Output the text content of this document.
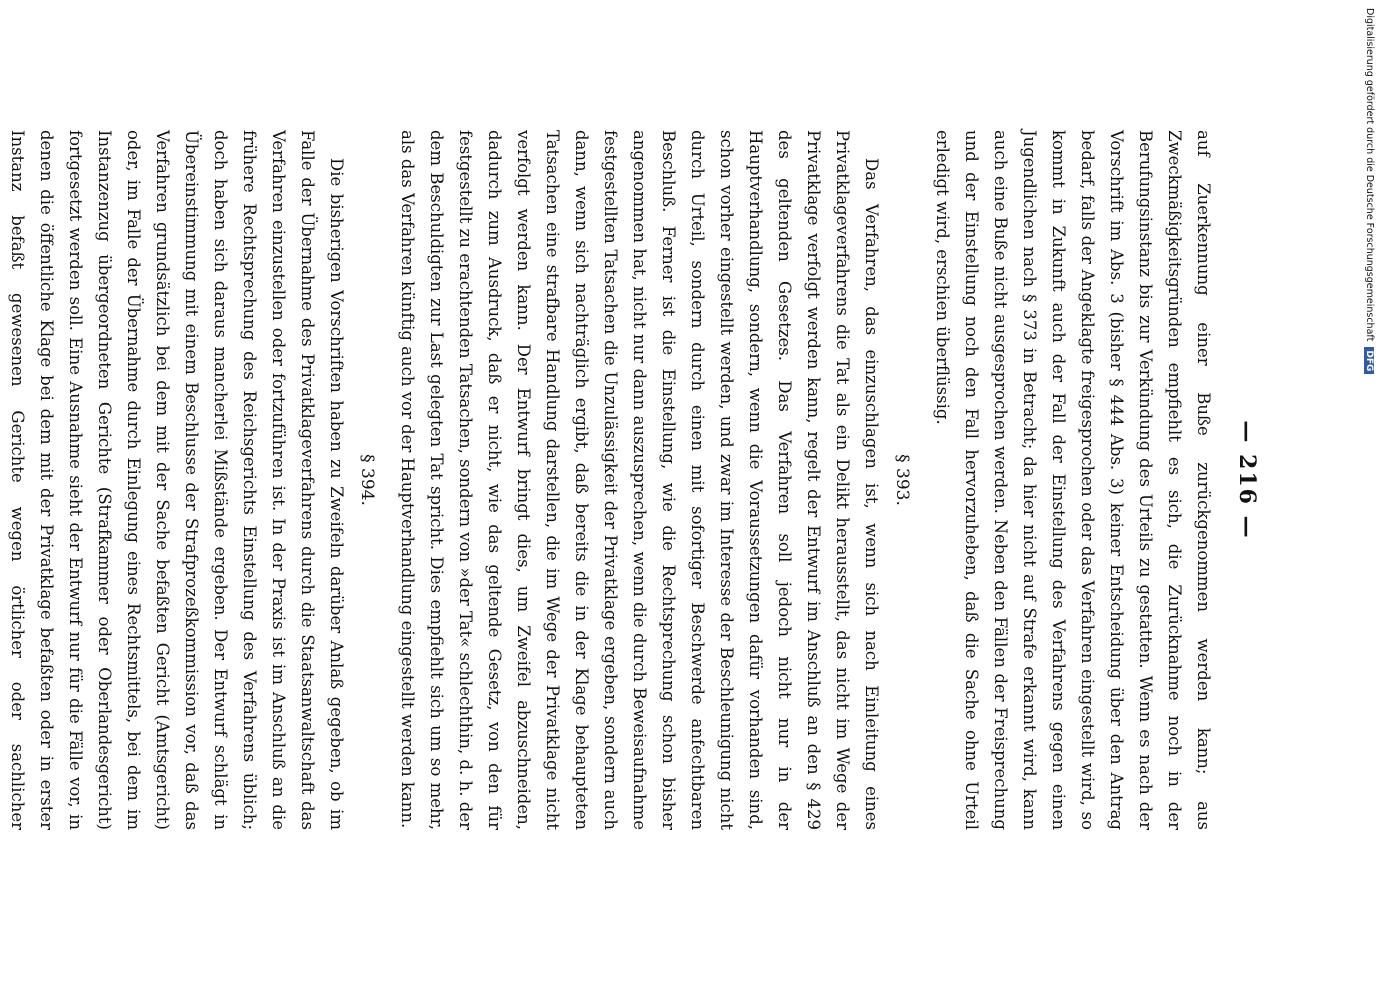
— 216 —

auf Zuerkennung einer Buße zurückgenommen werden kann; aus Zweckmäßigkeitsgründen empfiehlt es sich, die Zurücknahme noch in der Berufungsinstanz bis zur Verkündung des Urteils zu gestatten. Wenn es nach der Vorschrift im Abs. 3 (bisher § 444 Abs. 3) keiner Entscheidung über den Antrag bedarf, falls der Angeklagte freigesprochen oder das Verfahren eingestellt wird, so kommt in Zukunft auch der Fall der Einstellung des Verfahrens gegen einen Jugendlichen nach § 373 in Betracht; da hier nicht auf Strafe erkannt wird, kann auch eine Buße nicht ausgesprochen werden. Neben den Fällen der Freisprechung und der Einstellung noch den Fall hervorzuheben, daß die Sache ohne Urteil erledigt wird, erschien überflüssig.

§ 393.

Das Verfahren, das einzuschlagen ist, wenn sich nach Einleitung eines Privatklageverfahrens die Tat als ein Delikt herausstellt, das nicht im Wege der Privatklage verfolgt werden kann, regelt der Entwurf im Anschluß an den § 429 des geltenden Gesetzes. Das Verfahren soll jedoch nicht nur in der Hauptverhandlung, sondern, wenn die Voraussetzungen dafür vorhanden sind, schon vorher eingestellt werden, und zwar im Interesse der Beschleunigung nicht durch Urteil, sondern durch einen mit sofortiger Beschwerde anfechtbaren Beschluß. Ferner ist die Einstellung, wie die Rechtsprechung schon bisher angenommen hat, nicht nur dann auszusprechen, wenn die durch Beweisaufnahme festgestellten Tatsachen die Unzulässigkeit der Privatklage ergeben, sondern auch dann, wenn sich nachträglich ergibt, daß bereits die in der Klage behaupteten Tatsachen eine strafbare Handlung darstellen, die im Wege der Privatklage nicht verfolgt werden kann. Der Entwurf bringt dies, um Zweifel abzuschneiden, dadurch zum Ausdruck, daß er nicht, wie das geltende Gesetz, von den für festgestellt zu erachtenden Tatsachen, sondern von »der Tat« schlechthin, d. h. der dem Beschuldigten zur Last gelegten Tat spricht. Dies empfiehlt sich um so mehr, als das Verfahren künftig auch vor der Hauptverhandlung eingestellt werden kann.

§ 394.

Die bisherigen Vorschriften haben zu Zweifeln darüber Anlaß gegeben, ob im Falle der Übernahme des Privatklageverfahrens durch die Staatsanwaltschaft das Verfahren einzustellen oder fortzuführen ist. In der Praxis ist im Anschluß an die frühere Rechtsprechung des Reichsgerichts Einstellung des Verfahrens üblich; doch haben sich daraus mancherlei Mißstände ergeben. Der Entwurf schlägt in Übereinstimmung mit einem Beschlusse der Strafprozeßkommission vor, daß das Verfahren grundsätzlich bei dem mit der Sache befaßten Gericht (Amtsgericht) oder, im Falle der Übernahme durch Einlegung eines Rechtsmittels, bei dem im Instanzenzug übergeordneten Gerichte (Strafkammer oder Oberlandesgericht) fortgesetzt werden soll. Eine Ausnahme sieht der Entwurf nur für die Fälle vor, in denen die öffentliche Klage bei dem mit der Privatklage befaßten oder in erster Instanz befaßt gewesenen Gerichte wegen örtlicher oder sachlicher

Digitalisierung gefördert durch die Deutsche Forschungsgemeinschaft DFG
